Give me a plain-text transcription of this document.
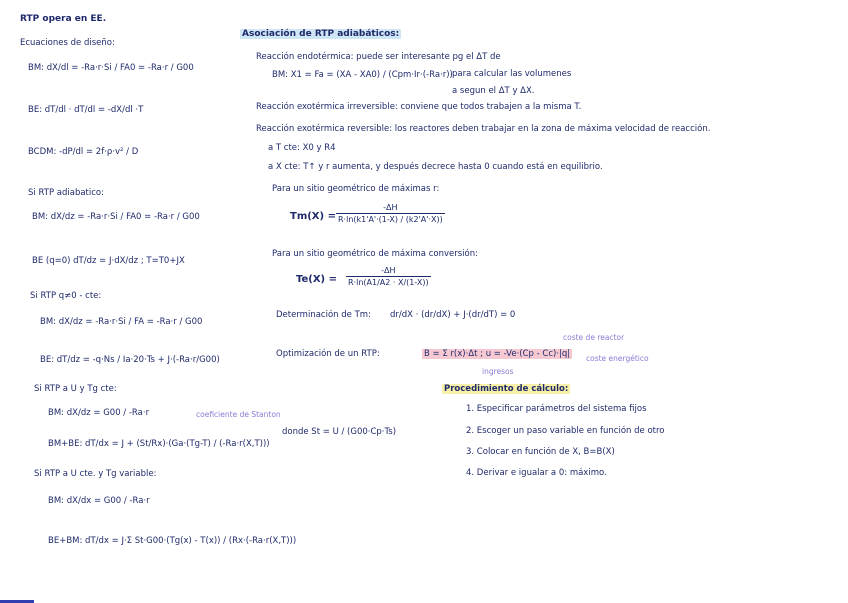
RTP opera en EE.
Ecuaciones de diseño:
BM: dX/dl = -Ra·r·Si / FA0 = -Ra·r / G00
BE: dT/dl · dT/dl = -dX/dl ·T
BCDM: -dP/dl = 2f·ρ·v² / D
Si RTP adiabatico:
BM: dX/dz = -Ra·r·Si / FA0 = -Ra·r / G00
BE (q=0) dT/dz = J·dX/dz ; T=T0+JX
Si RTP q≠0 - cte:
BM: dX/dz = -Ra·r·Si / FA = -Ra·r / G00
BE: dT/dz = -q·Ns / Ia·20·Ts + J·(-Ra·r/G00)
Si RTP a U y Tg cte:
BM: dX/dz = G00 / -Ra·r	coeficiente de Stanton
BM+BE: dT/dx = J + (St/Rx)·(Ga·(Tg-T) / (-Ra·r(X,T)))
donde St = U / (G00·Cp·Ts)
Si RTP a U cte. y Tg variable:
BM: dX/dx = G00 / -Ra·r
BE+BM: dT/dx = J·Σ St·G00·(Tg(x) - T(x)) / (Rx·(-Ra·r(X,T)))
Asociación de RTP adiabáticos:
Reacción endotérmica: puede ser interesante pg el ΔT de
BM: X1 = Fa = (XA - XA0) / (Cpm·Ir·(-Ra·r)) para calcular las volumenes
a segun el ΔT y ΔX.
Reacción exotérmica irreversible: conviene que todos trabajen a la misma T.
Reacción exotérmica reversible: los reactores deben trabajar en la zona de máxima velocidad de reacción.
a T cte: X0 y R4
a X cte: T↑ y r aumenta, y después decrece hasta 0 cuando está en equilibrio.
Para un sitio geométrico de máximas r:
$Tm(X) = \frac{-\Delta H}{R\cdot\ln(k1'A'\cdot(1-X) / (k2'A'\cdot X))}$
Para un sitio geométrico de máxima conversión:
$Te(X) = \frac{-\Delta H}{R\cdot\ln(A1/A2 \cdot X/(1-X))}$
Determinación de Tm: dr/dX · (dr/dX) + J·(dr/dT) = 0
Optimización de un RTP:	B = Σ r(x)·Δt ; u = -Ve·(Cp - Cc)·|q|
coste de reactor
coste energético
ingresos
Procedimiento de cálculo:
1. Especificar parámetros del sistema fijos
2. Escoger un paso variable en función de otro
3. Colocar en función de X, B=B(X)
4. Derivar e igualar a 0: máximo.
